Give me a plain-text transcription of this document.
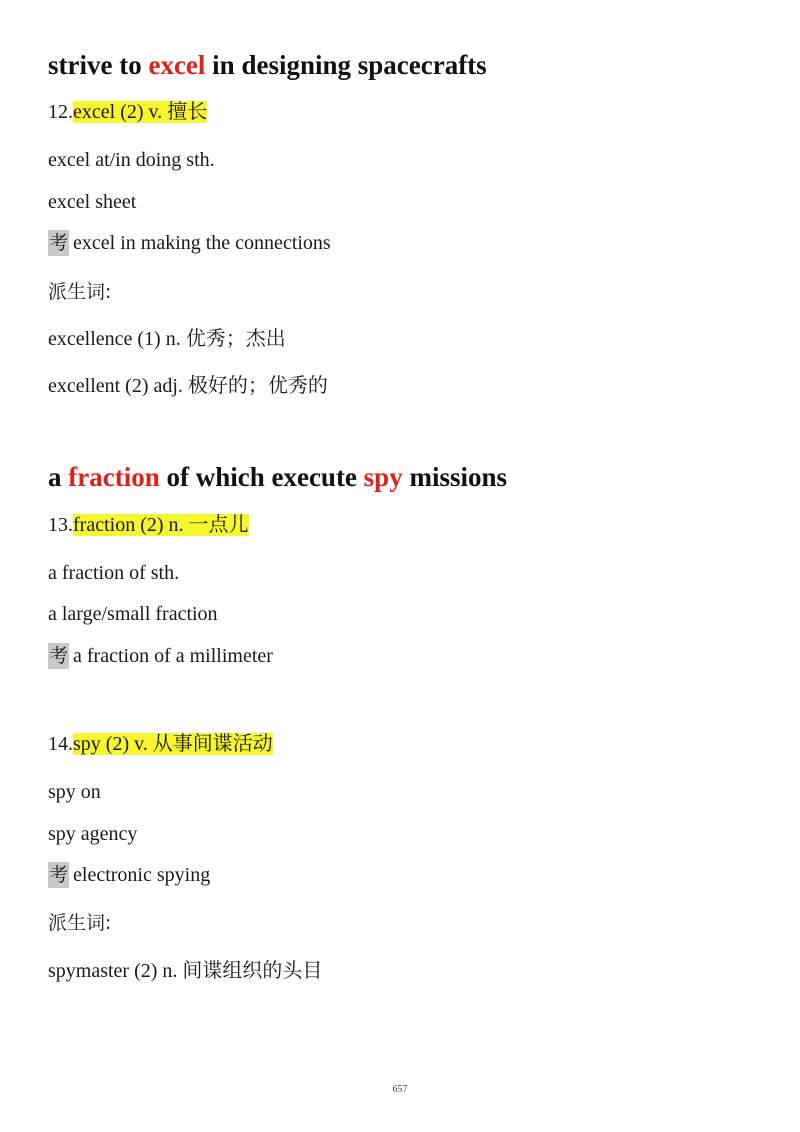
strive to excel in designing spacecrafts
12.excel (2) v. 擅长
excel at/in doing sth.
excel sheet
考 excel in making the connections
派生词:
excellence (1) n. 优秀；杰出
excellent (2) adj. 极好的；优秀的
a fraction of which execute spy missions
13.fraction (2) n. 一点儿
a fraction of sth.
a large/small fraction
考 a fraction of a millimeter
14.spy (2) v. 从事间谍活动
spy on
spy agency
考 electronic spying
派生词:
spymaster (2) n. 间谍组织的头目
657
